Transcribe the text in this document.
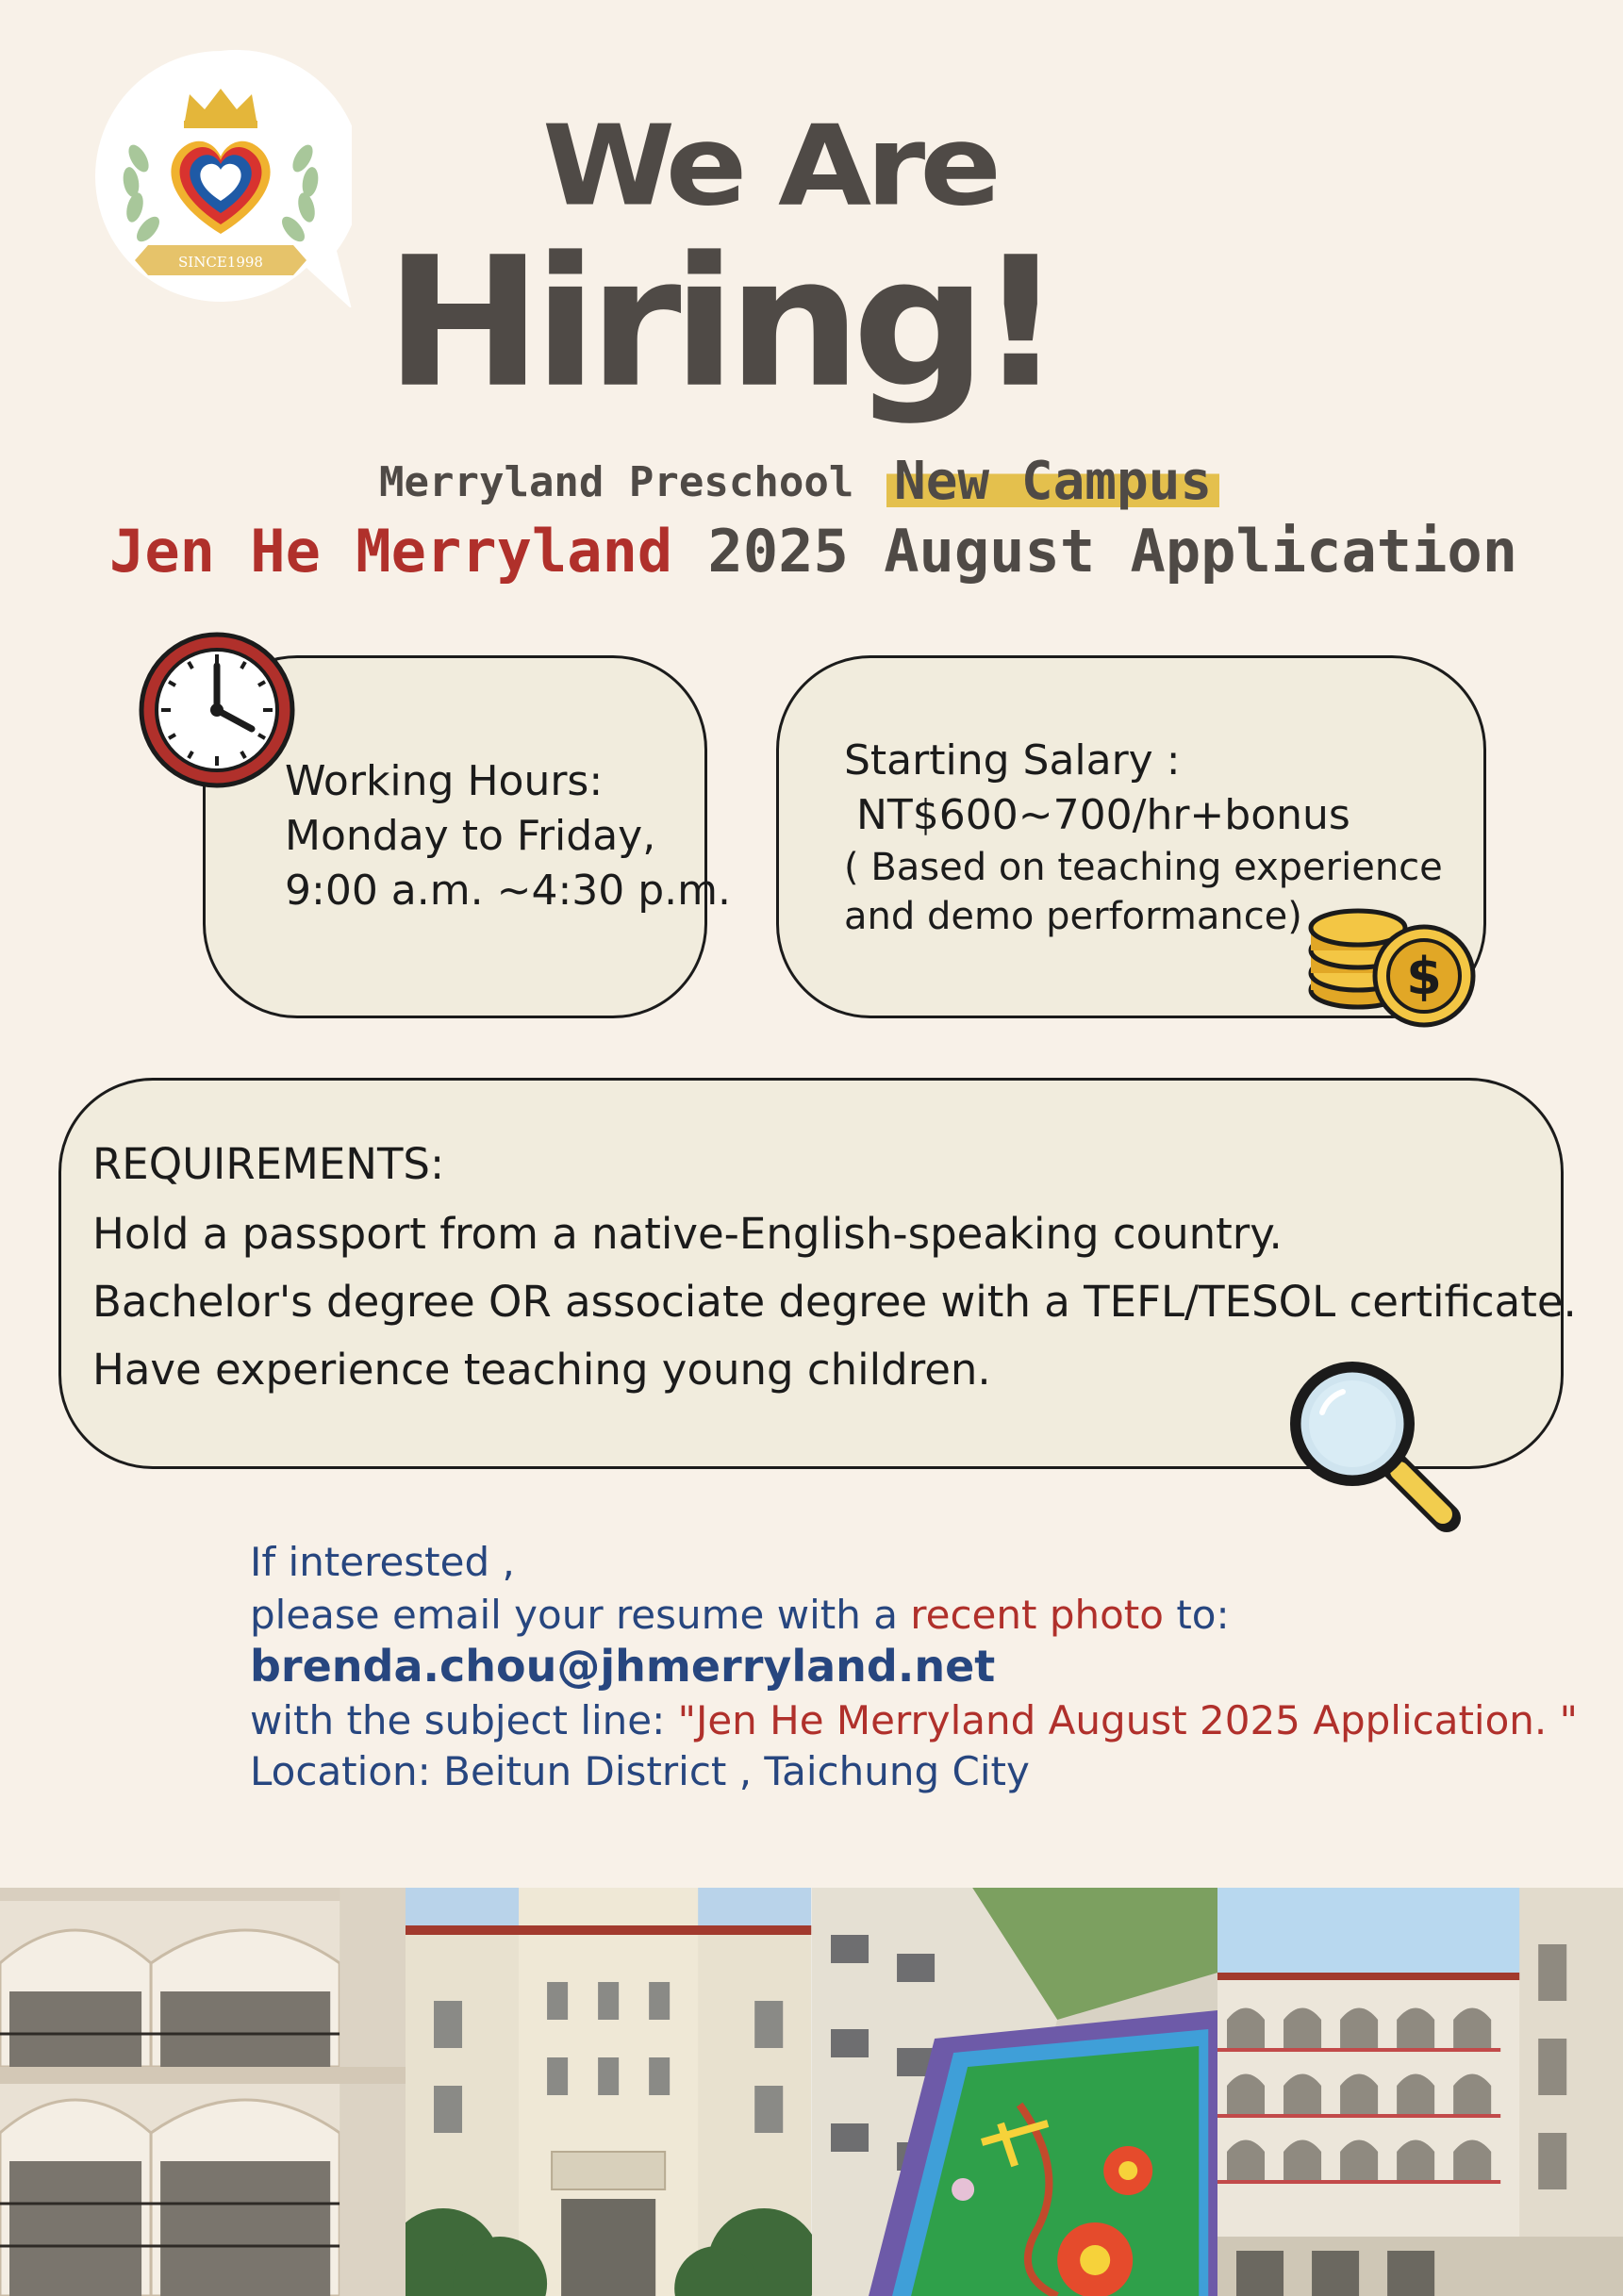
SINCE1998
We Are
Hiring!
Merryland Preschool New Campus
Jen He Merryland 2025 August Application
Working Hours:
Monday to Friday,
9:00 a.m. ~4:30 p.m.
Starting Salary :
NT$600~700/hr+bonus
( Based on teaching experience
and demo performance)
$
REQUIREMENTS:
Hold a passport from a native-English-speaking country.
Bachelor's degree OR associate degree with a TEFL/TESOL certificate.
Have experience teaching young children.
If interested ,
please email your resume with a recent photo to:
brenda.chou@jhmerryland.net
with the subject line: "Jen He Merryland August 2025 Application. "
Location: Beitun District , Taichung City
